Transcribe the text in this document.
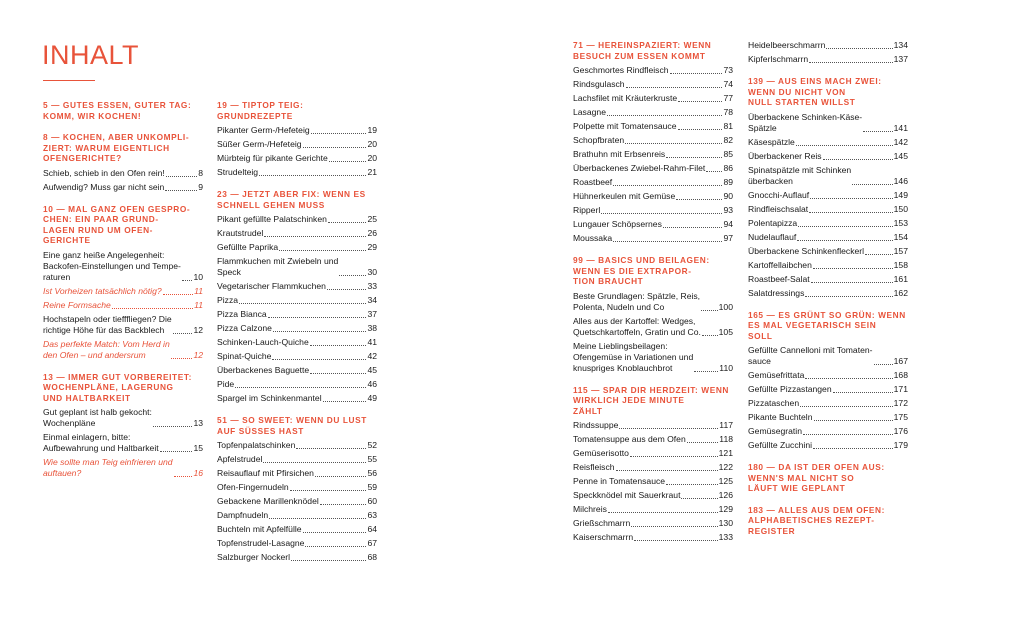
INHALT
5 — GUTES ESSEN, GUTER TAG:
KOMM, WIR KOCHEN!
8 — KOCHEN, ABER UNKOMPLI-
ZIERT: WARUM EIGENTLICH
OFENGERICHTE?
Schieb, schieb in den Ofen rein!	8
Aufwendig? Muss gar nicht sein	9
10 — MAL GANZ OFEN GESPRO-
CHEN: EIN PAAR GRUND-
LAGEN RUND UM OFEN-
GERICHTE
Eine ganz heiße Angelegenheit:
Backofen-Einstellungen und Tempe-
raturen	10
Ist Vorheizen tatsächlich nötig?	11
Reine Formsache	11
Hochstapeln oder tiefffliegen? Die
richtige Höhe für das Backblech	12
Das perfekte Match: Vom Herd in
den Ofen – und andersrum	12
13 — IMMER GUT VORBEREITET:
WOCHENPLÄNE, LAGERUNG
UND HALTBARKEIT
Gut geplant ist halb gekocht:
Wochenpläne	13
Einmal einlagern, bitte:
Aufbewahrung und Haltbarkeit	15
Wie sollte man Teig einfrieren und
auftauen?	16
19 — TIPTOP TEIG: GRUNDREZEPTE
Pikanter Germ-/Hefeteig	19
Süßer Germ-/Hefeteig	20
Mürbteig für pikante Gerichte	20
Strudelteig	21
23 — JETZT ABER FIX: WENN ES
SCHNELL GEHEN MUSS
Pikant gefüllte Palatschinken	25
Krautstrudel	26
Gefüllte Paprika	29
Flammkuchen mit Zwiebeln und
Speck	30
Vegetarischer Flammkuchen	33
Pizza	34
Pizza Bianca	37
Pizza Calzone	38
Schinken-Lauch-Quiche	41
Spinat-Quiche	42
Überbackenes Baguette	45
Pide	46
Spargel im Schinkenmantel	49
51 — SO SWEET: WENN DU LUST
AUF SÜSSES HAST
Topfenpalatschinken	52
Apfelstrudel	55
Reisauflauf mit Pfirsichen	56
Ofen-Fingernudeln	59
Gebackene Marillenknödel	60
Dampfnudeln	63
Buchteln mit Apfelfülle	64
Topfenstrudel-Lasagne	67
Salzburger Nockerl	68
71 — HEREINSPAZIERT: WENN
BESUCH ZUM ESSEN KOMMT
Geschmortes Rindfleisch	73
Rindsgulasch	74
Lachsfilet mit Kräuterkruste	77
Lasagne	78
Polpette mit Tomatensauce	81
Schopfbraten	82
Brathuhn mit Erbsenreis	85
Überbackenes Zwiebel-Rahm-Filet 86
Roastbeef	89
Hühnerkeulen mit Gemüse	90
Ripperl	93
Lungauer Schöpsernes	94
Moussaka	97
99 — BASICS UND BEILAGEN:
WENN ES DIE EXTRAPOR-
TION BRAUCHT
Beste Grundlagen: Spätzle, Reis,
Polenta, Nudeln und Co	100
Alles aus der Kartoffel: Wedges,
Quetschkartoffeln, Gratin und Co. 105
Meine Lieblingsbeilagen:
Ofengemüse in Variationen und
knuspriges Knoblauchbrot	110
115 — SPAR DIR HERDZEIT: WENN
WIRKLICH JEDE MINUTE
ZÄHLT
Rindssuppe	117
Tomatensuppe aus dem Ofen	118
Gemüserisotto	121
Reisfleisch	122
Penne in Tomatensauce	125
Speckknödel mit Sauerkraut	126
Milchreis	129
Grießschmarrn	130
Kaiserschmarrn	133
Heidelbeerschmarrn	134
Kipferlschmarrn	137
139 — AUS EINS MACH ZWEI:
WENN DU NICHT VON
NULL STARTEN WILLST
Überbackene Schinken-Käse-
Spätzle	141
Käsespätzle	142
Überbackener Reis	145
Spinatspätzle mit Schinken
überbacken	146
Gnocchi-Auflauf	149
Rindfleischsalat	150
Polentapizza	153
Nudelauflauf	154
Überbackene Schinkenfleckerl	157
Kartoffellaibchen	158
Roastbeef-Salat	161
Salatdressings	162
165 — ES GRÜNT SO GRÜN: WENN
ES MAL VEGETARISCH SEIN
SOLL
Gefüllte Cannelloni mit Tomaten-
sauce	167
Gemüsefrittata	168
Gefüllte Pizzastangen	171
Pizzataschen	172
Pikante Buchteln	175
Gemüsegratin	176
Gefüllte Zucchini	179
180 — DA IST DER OFEN AUS:
WENN'S MAL NICHT SO
LÄUFT WIE GEPLANT
183 — ALLES AUS DEM OFEN:
ALPHABETISCHES REZEPT-
REGISTER
